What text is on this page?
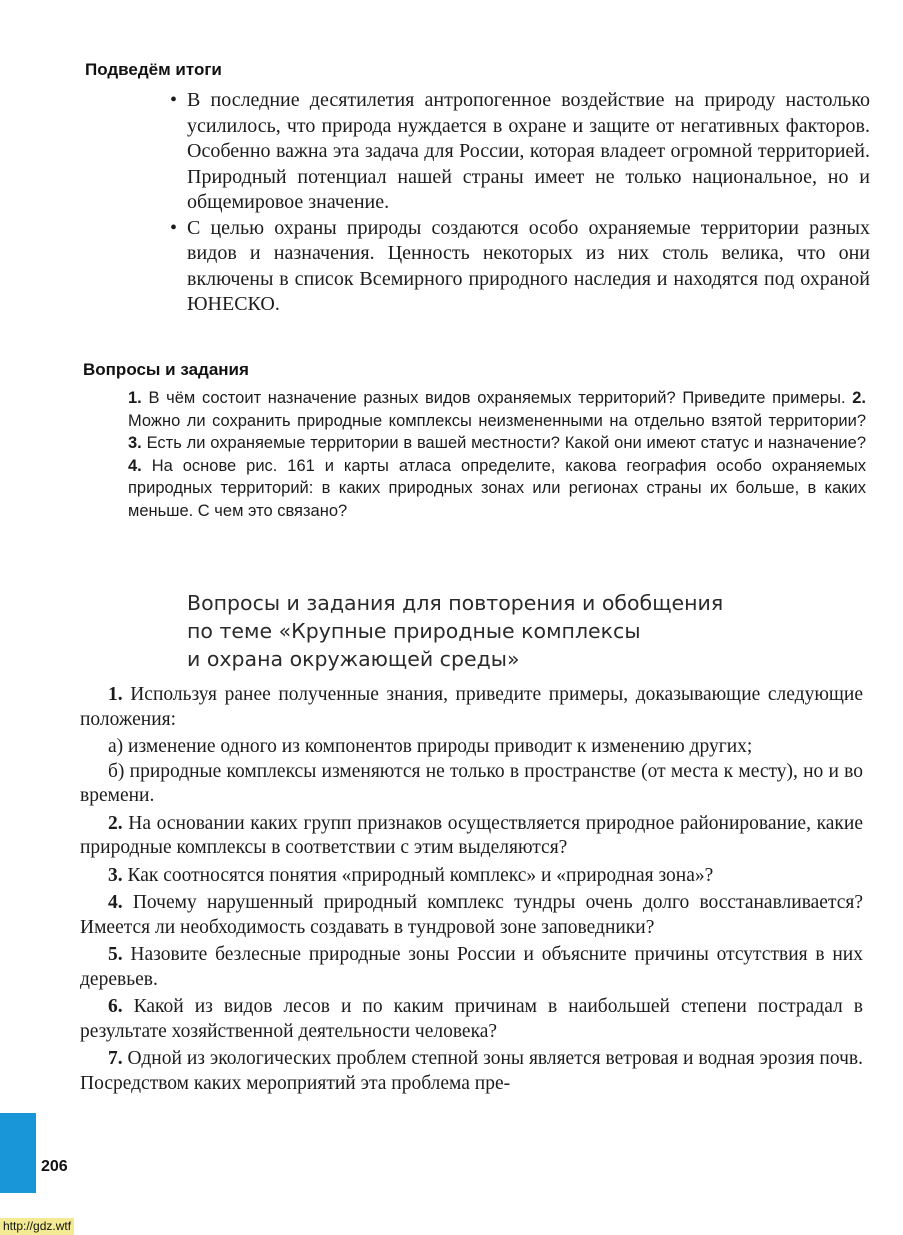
Подведём итоги
• В последние десятилетия антропогенное воздействие на природу настолько усилилось, что природа нуждается в охране и защите от негативных факторов. Особенно важна эта задача для России, которая владеет огромной территорией. Природный потенциал нашей страны имеет не только национальное, но и общемировое значение.
• С целью охраны природы создаются особо охраняемые территории разных видов и назначения. Ценность некоторых из них столь велика, что они включены в список Всемирного природного наследия и находятся под охраной ЮНЕСКО.
Вопросы и задания

1. В чём состоит назначение разных видов охраняемых территорий? Приведите примеры. 2. Можно ли сохранить природные комплексы неизмененными на отдельно взятой территории? 3. Есть ли охраняемые территории в вашей местности? Какой они имеют статус и назначение? 4. На основе рис. 161 и карты атласа определите, какова география особо охраняемых природных территорий: в каких природных зонах или регионах страны их больше, в каких меньше. С чем это связано?

Вопросы и задания для повторения и обобщения
по теме «Крупные природные комплексы
и охрана окружающей среды»

1. Используя ранее полученные знания, приведите примеры, доказывающие следующие положения:

а) изменение одного из компонентов природы приводит к изменению других;

б) природные комплексы изменяются не только в пространстве (от места к месту), но и во времени.

2. На основании каких групп признаков осуществляется природное районирование, какие природные комплексы в соответствии с этим выделяются?

3. Как соотносятся понятия «природный комплекс» и «природная зона»?

4. Почему нарушенный природный комплекс тундры очень долго восстанавливается? Имеется ли необходимость создавать в тундровой зоне заповедники?

5. Назовите безлесные природные зоны России и объясните причины отсутствия в них деревьев.

6. Какой из видов лесов и по каким причинам в наибольшей степени пострадал в результате хозяйственной деятельности человека?

7. Одной из экологических проблем степной зоны является ветровая и водная эрозия почв. Посредством каких мероприятий эта проблема пре-

206
http://gdz.wtf
